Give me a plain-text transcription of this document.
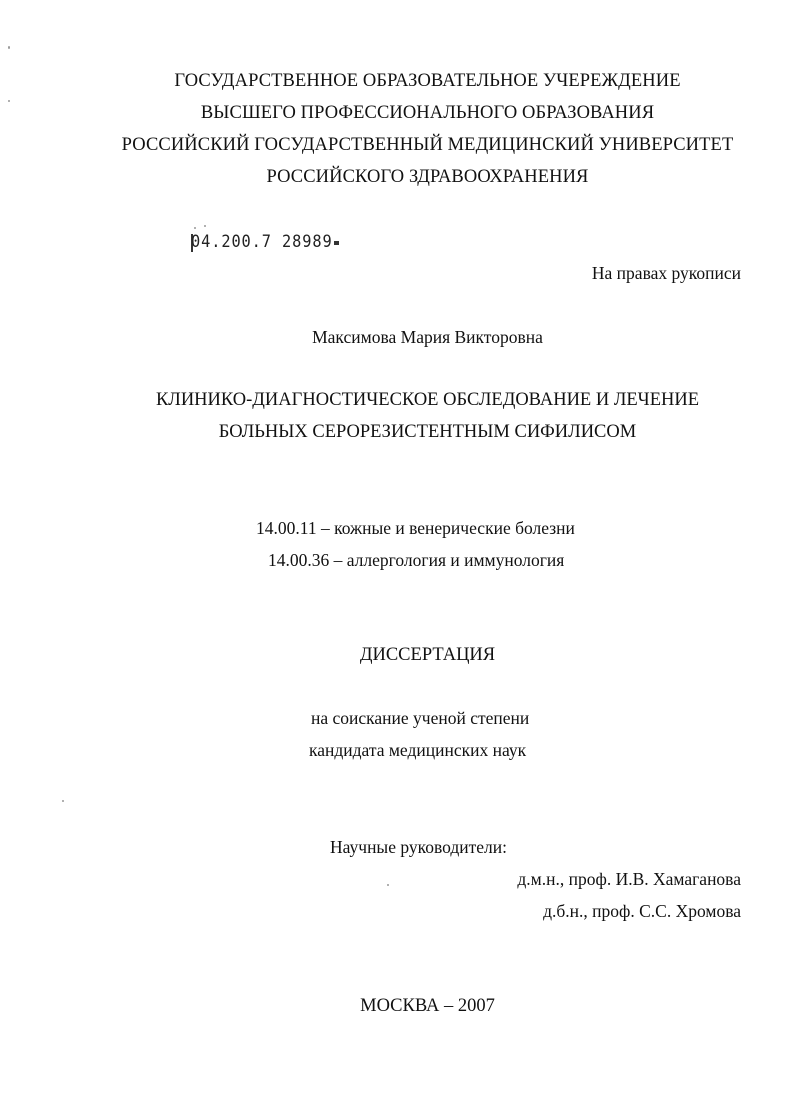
ГОСУДАРСТВЕННОЕ ОБРАЗОВАТЕЛЬНОЕ УЧЕРЕЖДЕНИЕ
ВЫСШЕГО ПРОФЕССИОНАЛЬНОГО ОБРАЗОВАНИЯ
РОССИЙСКИЙ ГОСУДАРСТВЕННЫЙ МЕДИЦИНСКИЙ УНИВЕРСИТЕТ
РОССИЙСКОГО ЗДРАВООХРАНЕНИЯ
04.200.7 28989
На правах рукописи
Максимова Мария Викторовна
КЛИНИКО-ДИАГНОСТИЧЕСКОЕ ОБСЛЕДОВАНИЕ И ЛЕЧЕНИЕ
БОЛЬНЫХ СЕРОРЕЗИСТЕНТНЫМ СИФИЛИСОМ
14.00.11 – кожные и венерические болезни
14.00.36 – аллергология и иммунология
ДИССЕРТАЦИЯ
на соискание ученой степени
кандидата медицинских наук
Научные руководители:
д.м.н., проф. И.В. Хамаганова
д.б.н., проф. С.С. Хромова
МОСКВА – 2007
